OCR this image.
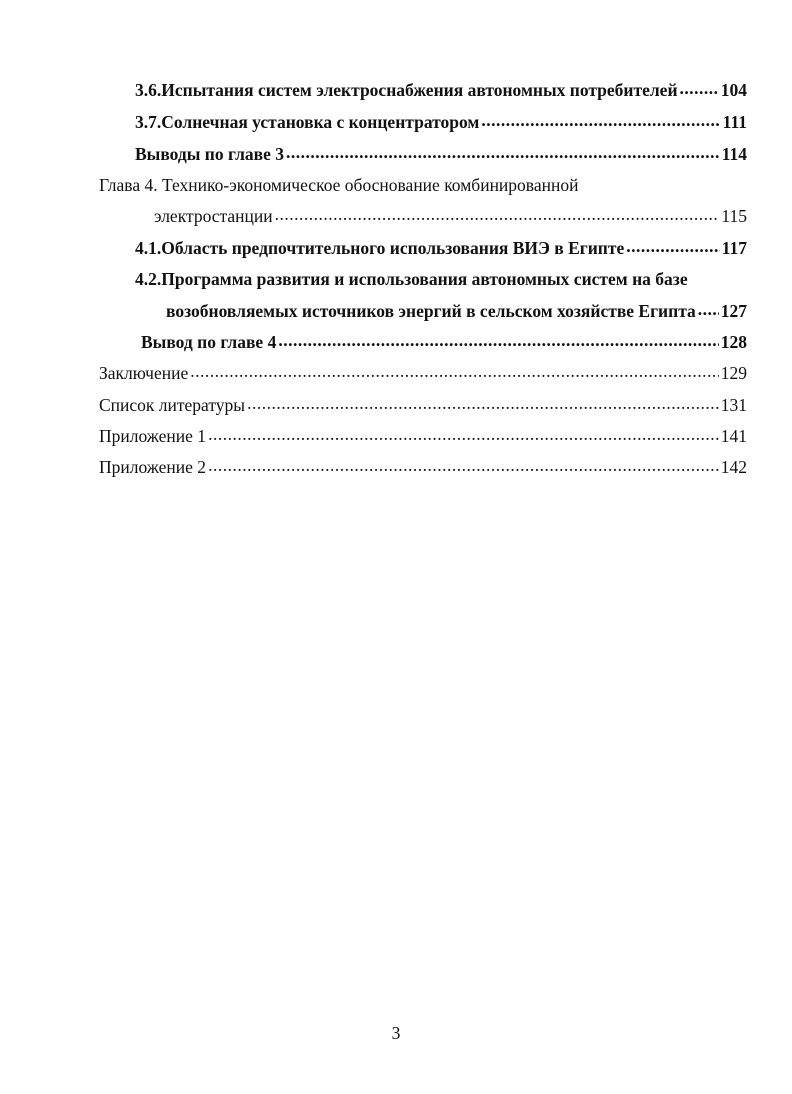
3.6.Испытания систем электроснабжения автономных потребителей ..... 104
3.7.Солнечная установка с концентратором .....	111
Выводы по главе 3 .....	114
Глава 4. Технико-экономическое обоснование комбинированной
электростанции .....	115
4.1.Область предпочтительного использования ВИЭ в Египте .....	117
4.2.Программа развития и использования автономных систем на базе
возобновляемых источников энергий в сельском хозяйстве Египта ..... 127
Вывод по главе 4 .....	128
Заключение .....	129
Список литературы .....	131
Приложение 1 .....	141
Приложение 2 .....	142
3
